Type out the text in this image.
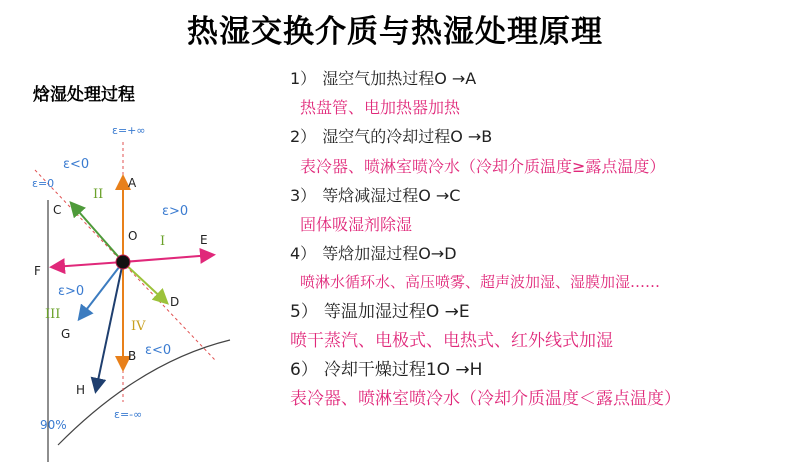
热湿交换介质与热湿处理原理
焓湿处理过程
ε=+∞
ε<0
ε=0
II
A
C	ε>0
O I	E
F
ε>0
D
III
IV
G
ε<0
B
H
ε=-∞
90%
1） 湿空气加热过程O →A
热盘管、电加热器加热
2） 湿空气的冷却过程O →B
表冷器、喷淋室喷冷水（冷却介质温度≥露点温度）
3） 等焓减湿过程O →C
固体吸湿剂除湿
4） 等焓加湿过程O→D
喷淋水循环水、高压喷雾、超声波加湿、湿膜加湿……
5） 等温加湿过程O →E
喷干蒸汽、电极式、电热式、红外线式加湿
6） 冷却干燥过程1O →H
表冷器、喷淋室喷冷水（冷却介质温度＜露点温度）
